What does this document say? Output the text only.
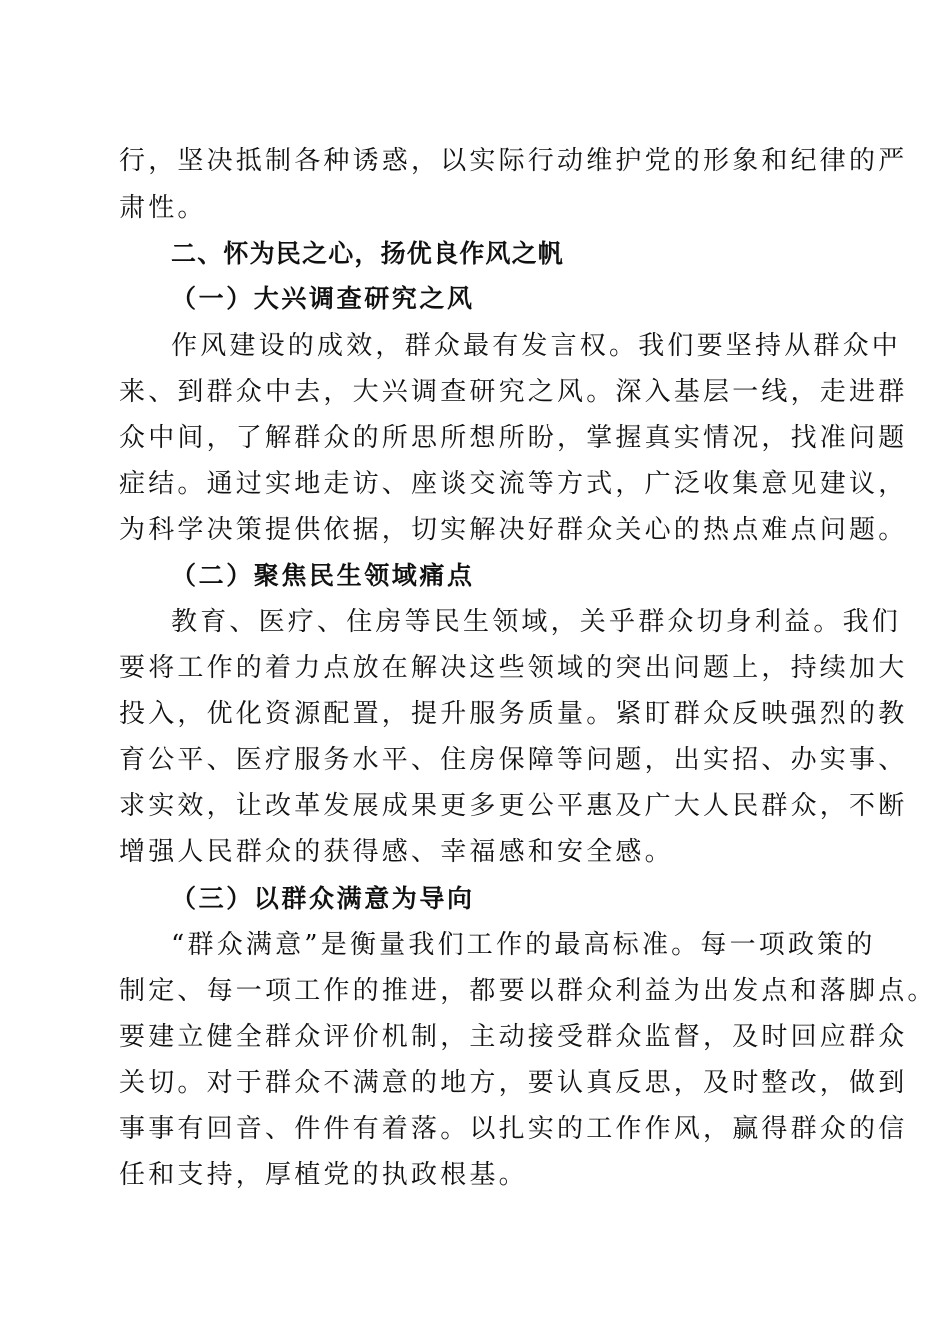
行，坚决抵制各种诱惑，以实际行动维护党的形象和纪律的严
肃性。
二、怀为民之心，扬优良作风之帆
（一）大兴调查研究之风
作风建设的成效，群众最有发言权。我们要坚持从群众中
来、到群众中去，大兴调查研究之风。深入基层一线，走进群
众中间，了解群众的所思所想所盼，掌握真实情况，找准问题
症结。通过实地走访、座谈交流等方式，广泛收集意见建议，
为科学决策提供依据，切实解决好群众关心的热点难点问题。
（二）聚焦民生领域痛点
教育、医疗、住房等民生领域，关乎群众切身利益。我们
要将工作的着力点放在解决这些领域的突出问题上，持续加大
投入，优化资源配置，提升服务质量。紧盯群众反映强烈的教
育公平、医疗服务水平、住房保障等问题，出实招、办实事、
求实效，让改革发展成果更多更公平惠及广大人民群众，不断
增强人民群众的获得感、幸福感和安全感。
（三）以群众满意为导向
“群众满意”是衡量我们工作的最高标准。每一项政策的
制定、每一项工作的推进，都要以群众利益为出发点和落脚点。
要建立健全群众评价机制，主动接受群众监督，及时回应群众
关切。对于群众不满意的地方，要认真反思，及时整改，做到
事事有回音、件件有着落。以扎实的工作作风，赢得群众的信
任和支持，厚植党的执政根基。
